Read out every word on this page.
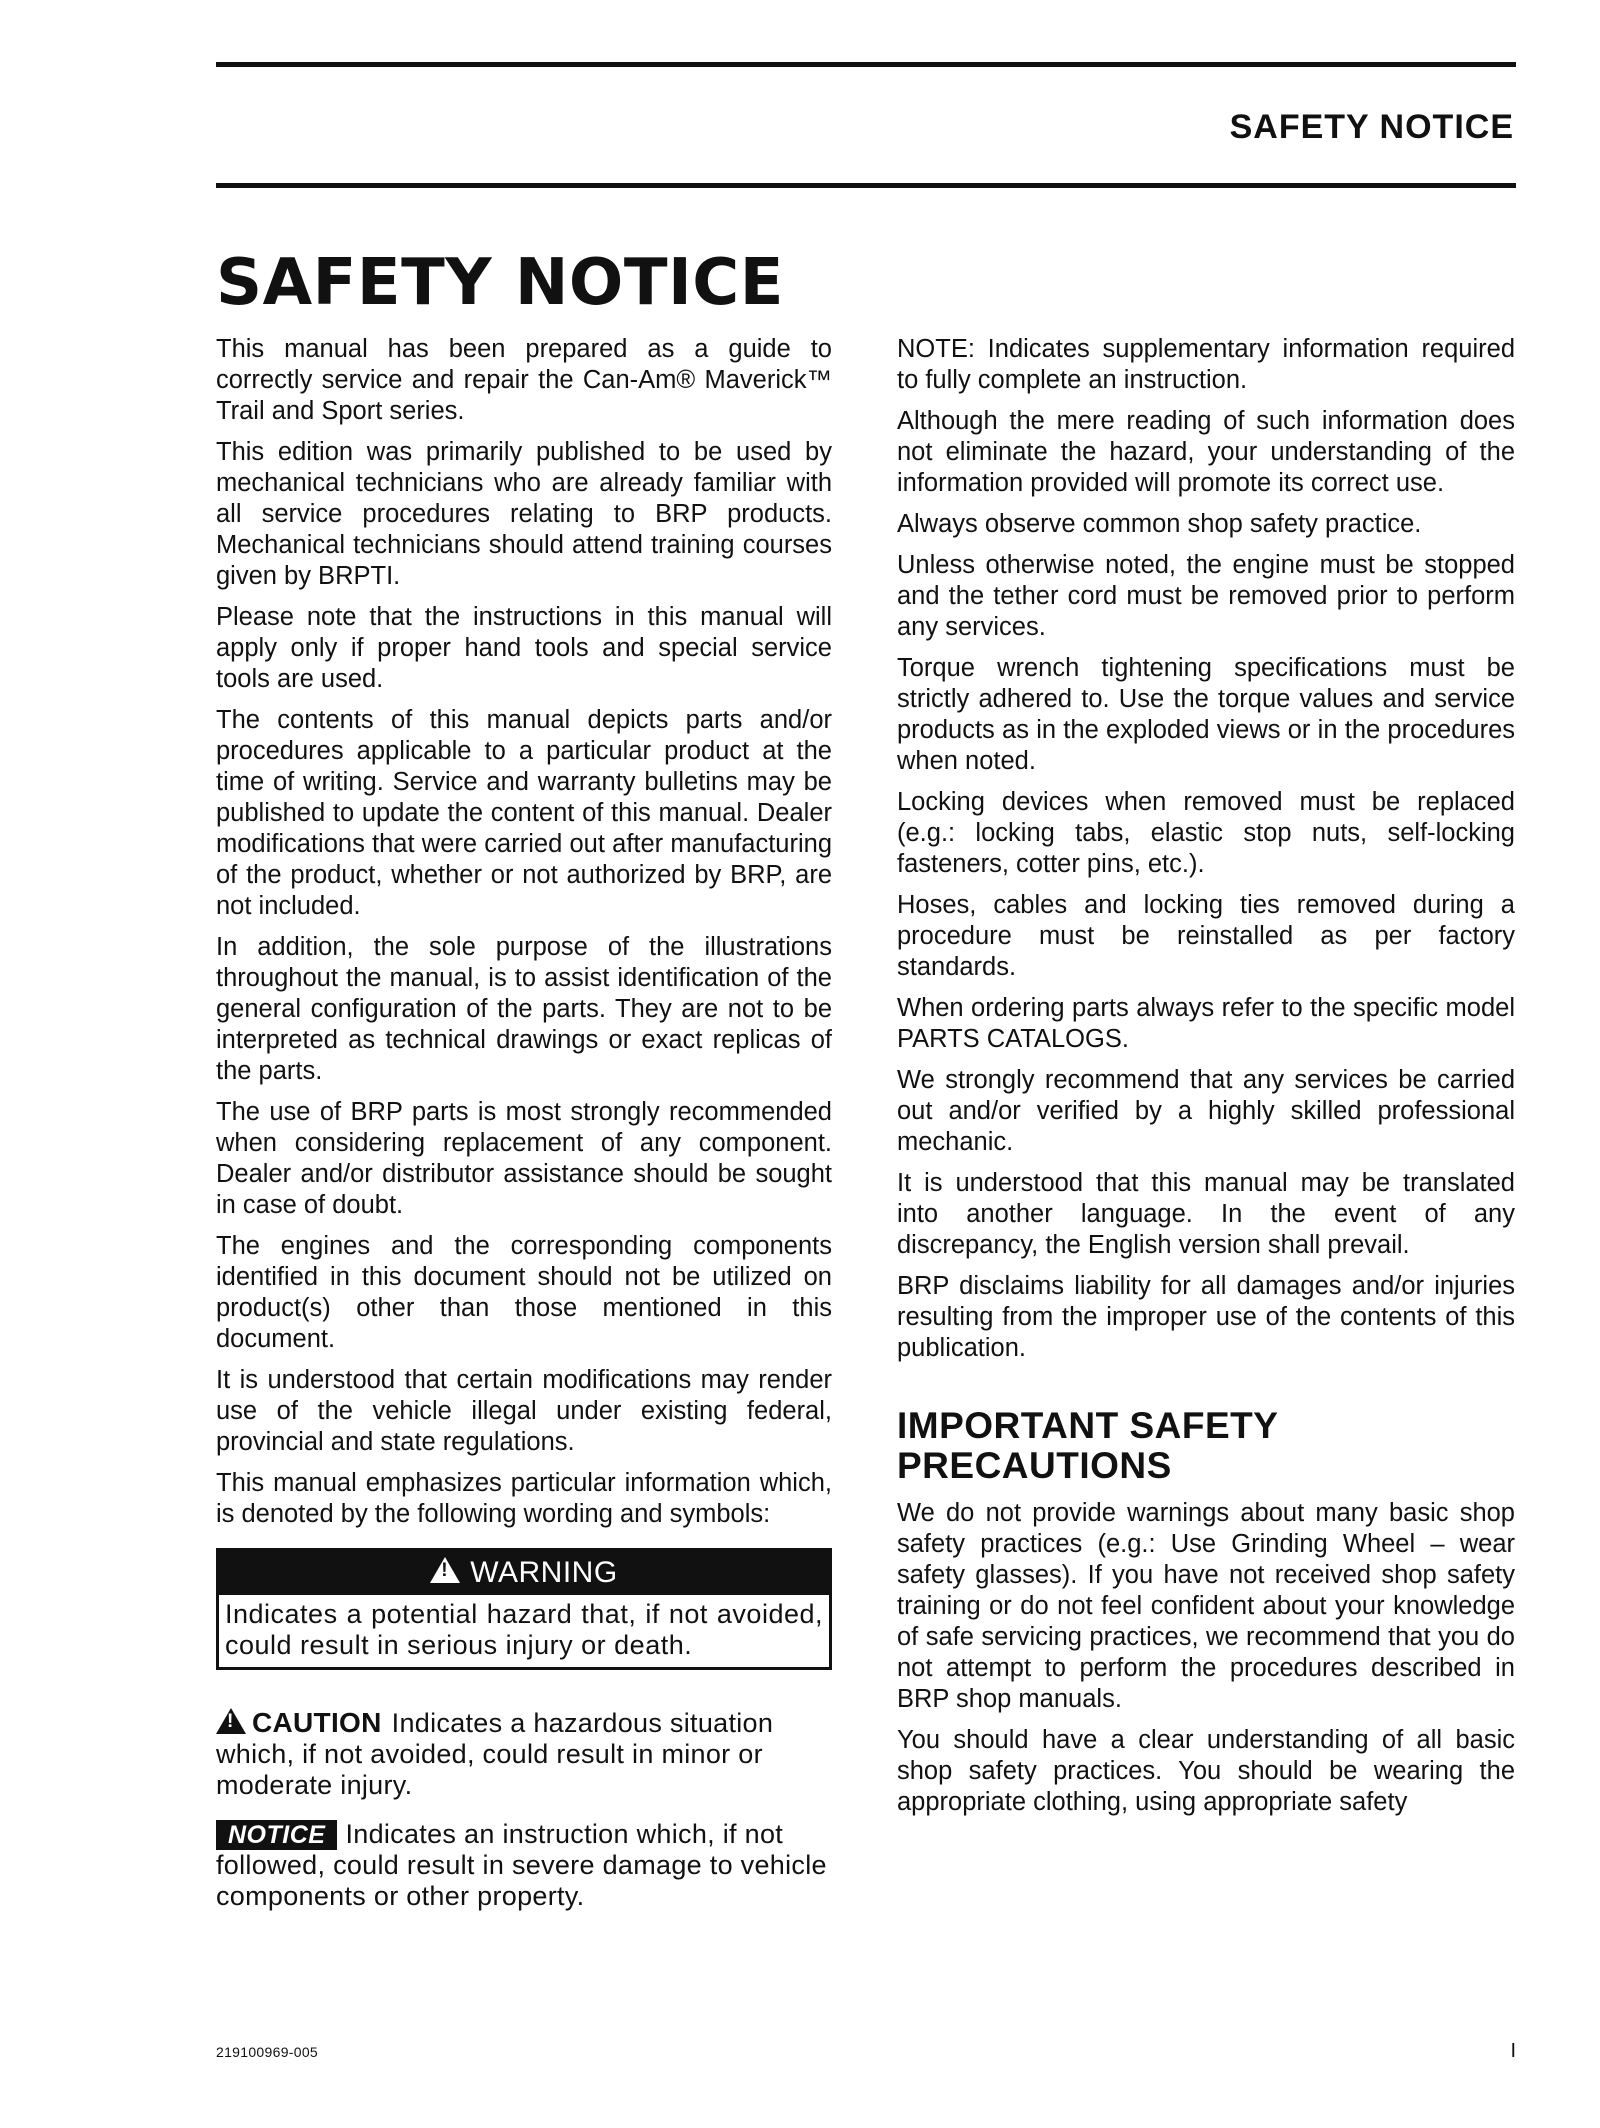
SAFETY NOTICE
SAFETY NOTICE

This manual has been prepared as a guide to correctly service and repair the Can-Am® Maverick™ Trail and Sport series.

This edition was primarily published to be used by mechanical technicians who are already familiar with all service procedures relating to BRP products. Mechanical technicians should attend training courses given by BRPTI.

Please note that the instructions in this manual will apply only if proper hand tools and special service tools are used.

The contents of this manual depicts parts and/or procedures applicable to a particular product at the time of writing. Service and warranty bulletins may be published to update the content of this manual. Dealer modifications that were carried out after manufacturing of the product, whether or not authorized by BRP, are not included.

In addition, the sole purpose of the illustrations throughout the manual, is to assist identification of the general configuration of the parts. They are not to be interpreted as technical drawings or exact replicas of the parts.

The use of BRP parts is most strongly recommended when considering replacement of any component. Dealer and/or distributor assistance should be sought in case of doubt.

The engines and the corresponding components identified in this document should not be utilized on product(s) other than those mentioned in this document.

It is understood that certain modifications may render use of the vehicle illegal under existing federal, provincial and state regulations.

This manual emphasizes particular information which, is denoted by the following wording and symbols:

!WARNING
Indicates a potential hazard that, if not avoided, could result in serious injury or death.
!CAUTION Indicates a hazardous situation which, if not avoided, could result in minor or moderate injury.
NOTICE Indicates an instruction which, if not followed, could result in severe damage to vehicle components or other property.

NOTE: Indicates supplementary information required to fully complete an instruction.

Although the mere reading of such information does not eliminate the hazard, your understanding of the information provided will promote its correct use.

Always observe common shop safety practice.

Unless otherwise noted, the engine must be stopped and the tether cord must be removed prior to perform any services.

Torque wrench tightening specifications must be strictly adhered to. Use the torque values and service products as in the exploded views or in the procedures when noted.

Locking devices when removed must be replaced (e.g.: locking tabs, elastic stop nuts, self-locking fasteners, cotter pins, etc.).

Hoses, cables and locking ties removed during a procedure must be reinstalled as per factory standards.

When ordering parts always refer to the specific model PARTS CATALOGS.

We strongly recommend that any services be carried out and/or verified by a highly skilled professional mechanic.

It is understood that this manual may be translated into another language. In the event of any discrepancy, the English version shall prevail.

BRP disclaims liability for all damages and/or injuries resulting from the improper use of the contents of this publication.

IMPORTANT SAFETY
PRECAUTIONS

We do not provide warnings about many basic shop safety practices (e.g.: Use Grinding Wheel – wear safety glasses). If you have not received shop safety training or do not feel confident about your knowledge of safe servicing practices, we recommend that you do not attempt to perform the procedures described in BRP shop manuals.

You should have a clear understanding of all basic shop safety practices. You should be wearing the appropriate clothing, using appropriate safety

219100969-005	I
